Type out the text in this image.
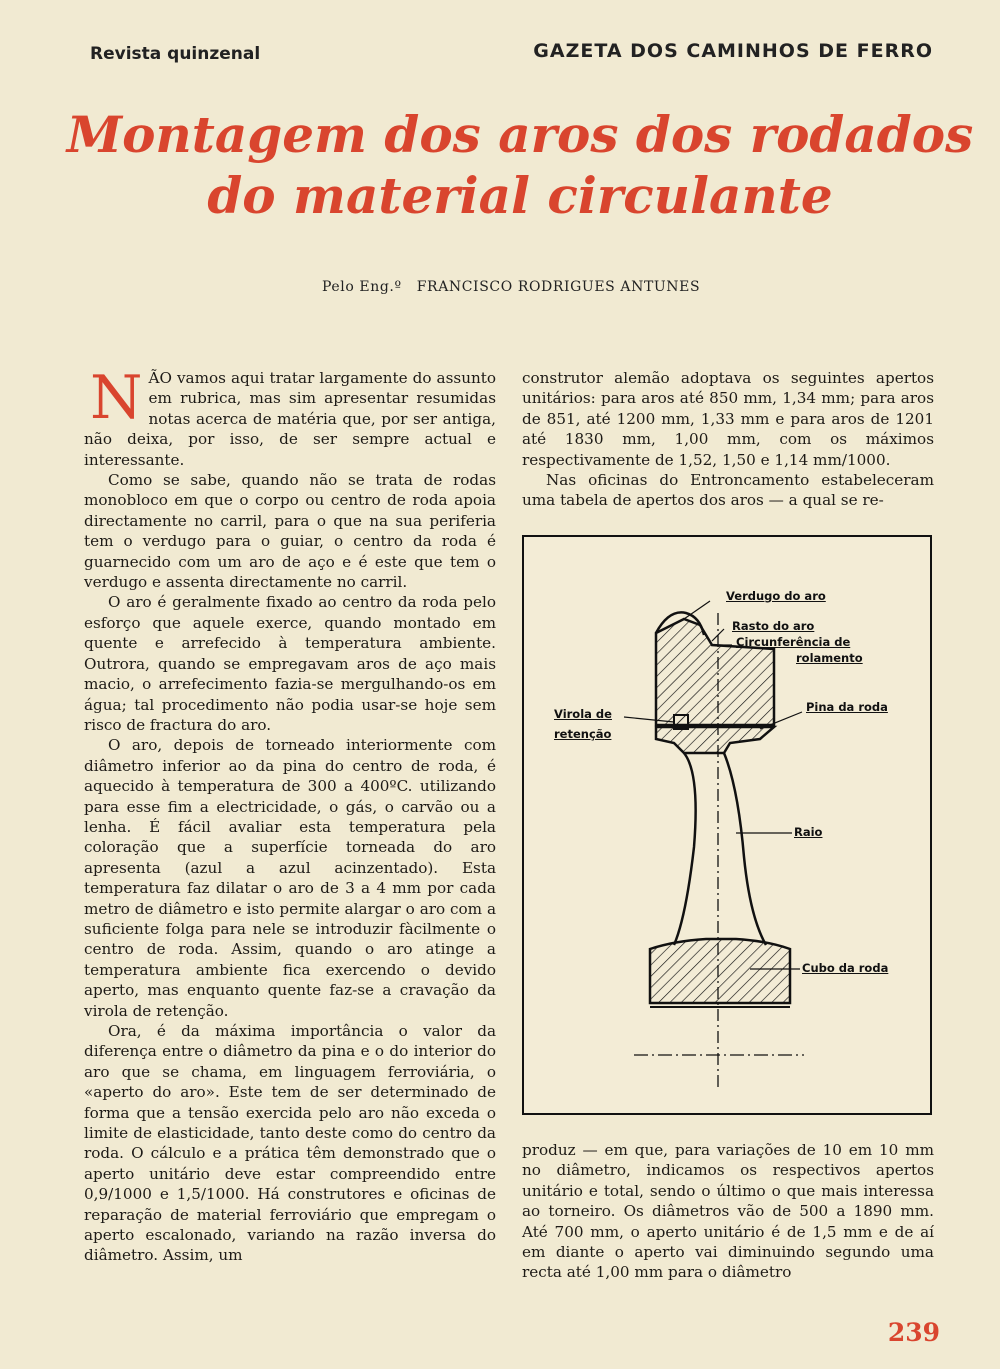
Revista quinzenal	GAZETA DOS CAMINHOS DE FERRO
Montagem dos aros dos rodados
do material circulante
Pelo Eng.º FRANCISCO RODRIGUES ANTUNES

NÃO vamos aqui tratar largamente do assunto em rubrica, mas sim apresentar resumidas notas acerca de matéria que, por ser antiga, não deixa, por isso, de ser sempre actual e interessante.

Como se sabe, quando não se trata de rodas monobloco em que o corpo ou centro de roda apoia directamente no carril, para o que na sua periferia tem o verdugo para o guiar, o centro da roda é guarnecido com um aro de aço e é este que tem o verdugo e assenta directamente no carril.

O aro é geralmente fixado ao centro da roda pelo esforço que aquele exerce, quando montado em quente e arrefecido à temperatura ambiente. Outrora, quando se empregavam aros de aço mais macio, o arrefecimento fazia-se mergulhando-os em água; tal procedimento não podia usar-se hoje sem risco de fractura do aro.

O aro, depois de torneado interiormente com diâmetro inferior ao da pina do centro de roda, é aquecido à temperatura de 300 a 400ºC. utilizando para esse fim a electricidade, o gás, o carvão ou a lenha. É fácil avaliar esta temperatura pela coloração que a superfície torneada do aro apresenta (azul a azul acinzentado). Esta temperatura faz dilatar o aro de 3 a 4 mm por cada metro de diâmetro e isto permite alargar o aro com a suficiente folga para nele se introduzir fàcilmente o centro de roda. Assim, quando o aro atinge a temperatura ambiente fica exercendo o devido aperto, mas enquanto quente faz-se a cravação da virola de retenção.

Ora, é da máxima importância o valor da diferença entre o diâmetro da pina e o do interior do aro que se chama, em linguagem ferroviária, o «aperto do aro». Este tem de ser determinado de forma que a tensão exercida pelo aro não exceda o limite de elasticidade, tanto deste como do centro da roda. O cálculo e a prática têm demonstrado que o aperto unitário deve estar compreendido entre 0,9/1000 e 1,5/1000. Há construtores e oficinas de reparação de material ferroviário que empregam o aperto escalonado, variando na razão inversa do diâmetro. Assim, um

construtor alemão adoptava os seguintes apertos unitários: para aros até 850 mm, 1,34 mm; para aros de 851, até 1200 mm, 1,33 mm e para aros de 1201 até 1830 mm, 1,00 mm, com os máximos respectivamente de 1,52, 1,50 e 1,14 mm/1000.

Nas oficinas do Entroncamento estabeleceram uma tabela de apertos dos aros — a qual se re-

Verdugo do aro
Rasto do aro
Circunferência de
rolamento
Virola de
retenção
Pina da roda
Raio
Cubo da roda

produz — em que, para variações de 10 em 10 mm no diâmetro, indicamos os respectivos apertos unitário e total, sendo o último o que mais interessa ao torneiro. Os diâmetros vão de 500 a 1890 mm. Até 700 mm, o aperto unitário é de 1,5 mm e de aí em diante o aperto vai diminuindo segundo uma recta até 1,00 mm para o diâmetro

239
